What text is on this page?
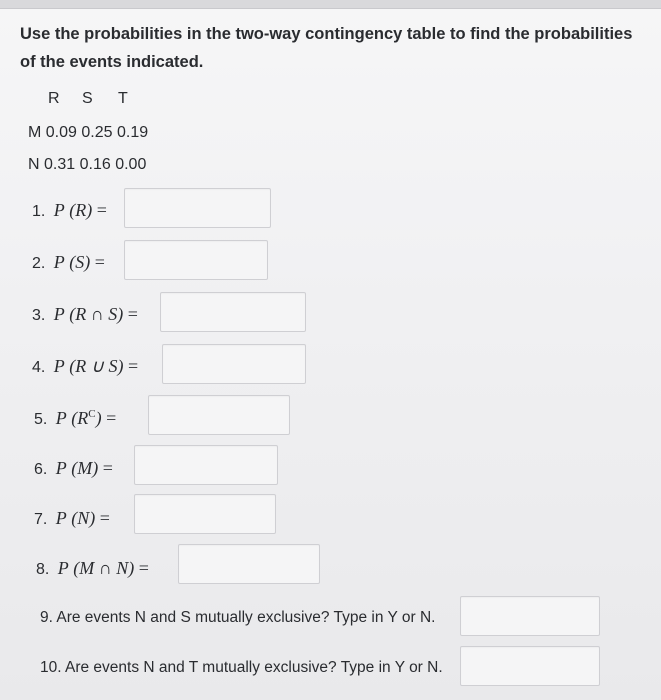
Use the probabilities in the two-way contingency table to find the probabilities of the events indicated.
R S T
M 0.09 0.25 0.19
N 0.31 0.16 0.00
1. P (R) =
2. P (S) =
3. P (R ∩ S) =
4. P (R ∪ S) =
5. P $(R^C)$ =
6. P (M) =
7. P (N) =
8. P (M ∩ N) =
9. Are events N and S mutually exclusive? Type in Y or N.
10. Are events N and T mutually exclusive? Type in Y or N.
